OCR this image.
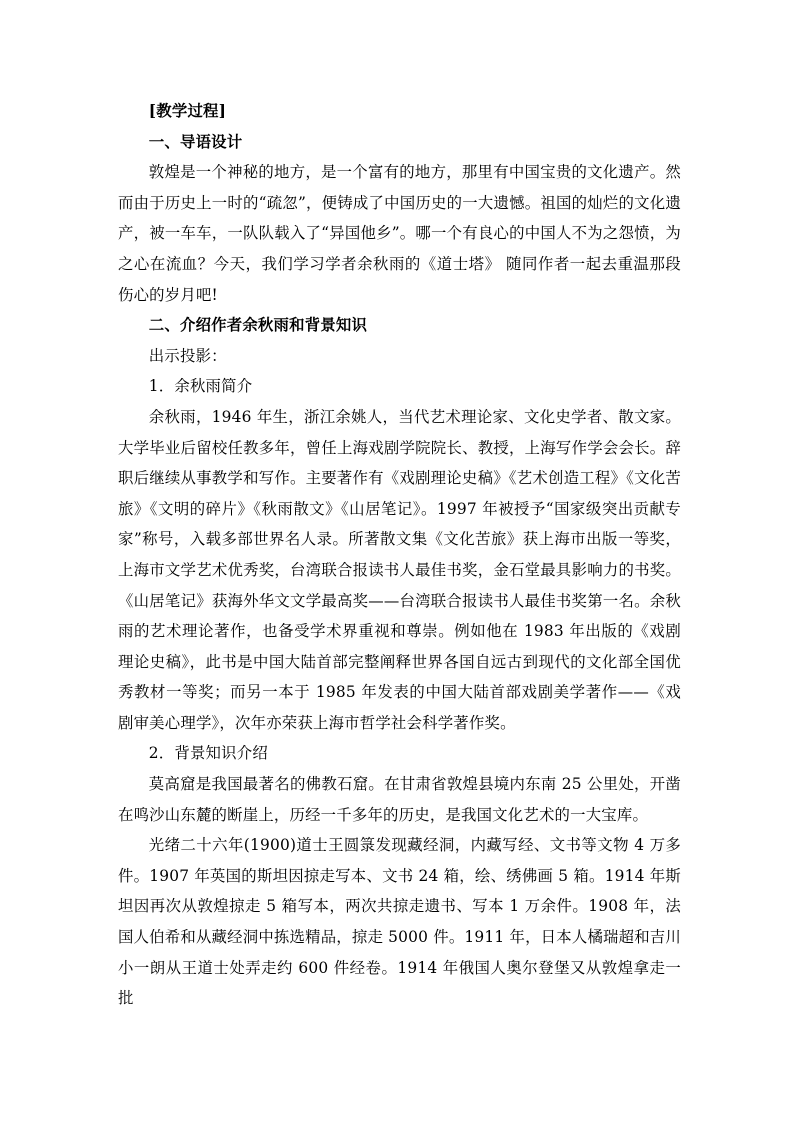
[教学过程]

一、导语设计

敦煌是一个神秘的地方，是一个富有的地方，那里有中国宝贵的文化遗产。然而由于历史上一时的“疏忽”，便铸成了中国历史的一大遗憾。祖国的灿烂的文化遗产，被一车车，一队队载入了“异国他乡”。哪一个有良心的中国人不为之怨愤，为之心在流血？今天，我们学习学者余秋雨的《道士塔》 随同作者一起去重温那段伤心的岁月吧!

二、介绍作者余秋雨和背景知识

出示投影：

1．余秋雨简介

余秋雨，1946 年生，浙江余姚人，当代艺术理论家、文化史学者、散文家。大学毕业后留校任教多年，曾任上海戏剧学院院长、教授，上海写作学会会长。辞职后继续从事教学和写作。主要著作有《戏剧理论史稿》《艺术创造工程》《文化苦旅》《文明的碎片》《秋雨散文》《山居笔记》。1997 年被授予“国家级突出贡献专家”称号，入载多部世界名人录。所著散文集《文化苦旅》获上海市出版一等奖，上海市文学艺术优秀奖，台湾联合报读书人最佳书奖，金石堂最具影响力的书奖。《山居笔记》获海外华文文学最高奖——台湾联合报读书人最佳书奖第一名。余秋雨的艺术理论著作，也备受学术界重视和尊崇。例如他在 1983 年出版的《戏剧理论史稿》，此书是中国大陆首部完整阐释世界各国自远古到现代的文化部全国优秀教材一等奖；而另一本于 1985 年发表的中国大陆首部戏剧美学著作——《戏剧审美心理学》，次年亦荣获上海市哲学社会科学著作奖。

2．背景知识介绍

莫高窟是我国最著名的佛教石窟。在甘肃省敦煌县境内东南 25 公里处，开凿在鸣沙山东麓的断崖上，历经一千多年的历史，是我国文化艺术的一大宝库。

光绪二十六年(1900)道士王圆箓发现藏经洞，内藏写经、文书等文物 4 万多件。1907 年英国的斯坦因掠走写本、文书 24 箱，绘、绣佛画 5 箱。1914 年斯坦因再次从敦煌掠走 5 箱写本，两次共掠走遗书、写本 1 万余件。1908 年，法国人伯希和从藏经洞中拣选精品，掠走 5000 件。1911 年，日本人橘瑞超和吉川小一朗从王道士处弄走约 600 件经卷。1914 年俄国人奥尔登堡又从敦煌拿走一批
